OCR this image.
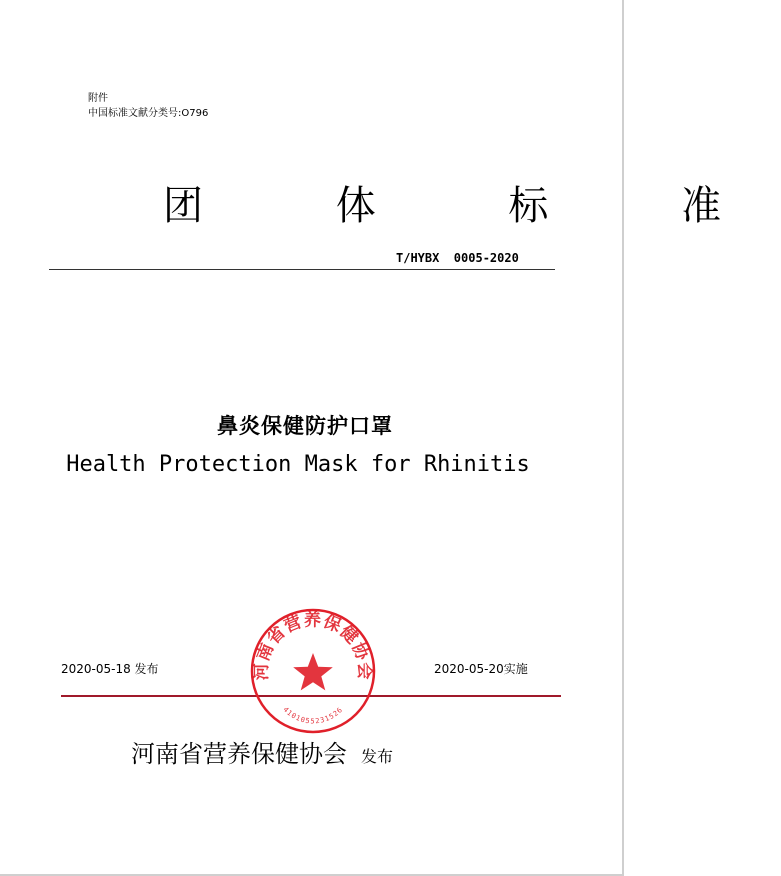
附件
中国标准文献分类号:O796
团 体 标 准
T/HYBX  0005-2020
鼻炎保健防护口罩
Health Protection Mask for Rhinitis
2020-05-18 发布	2020-05-20实施
河南省营养保健协会 发布
河南省营养保健协会
4101055231526
